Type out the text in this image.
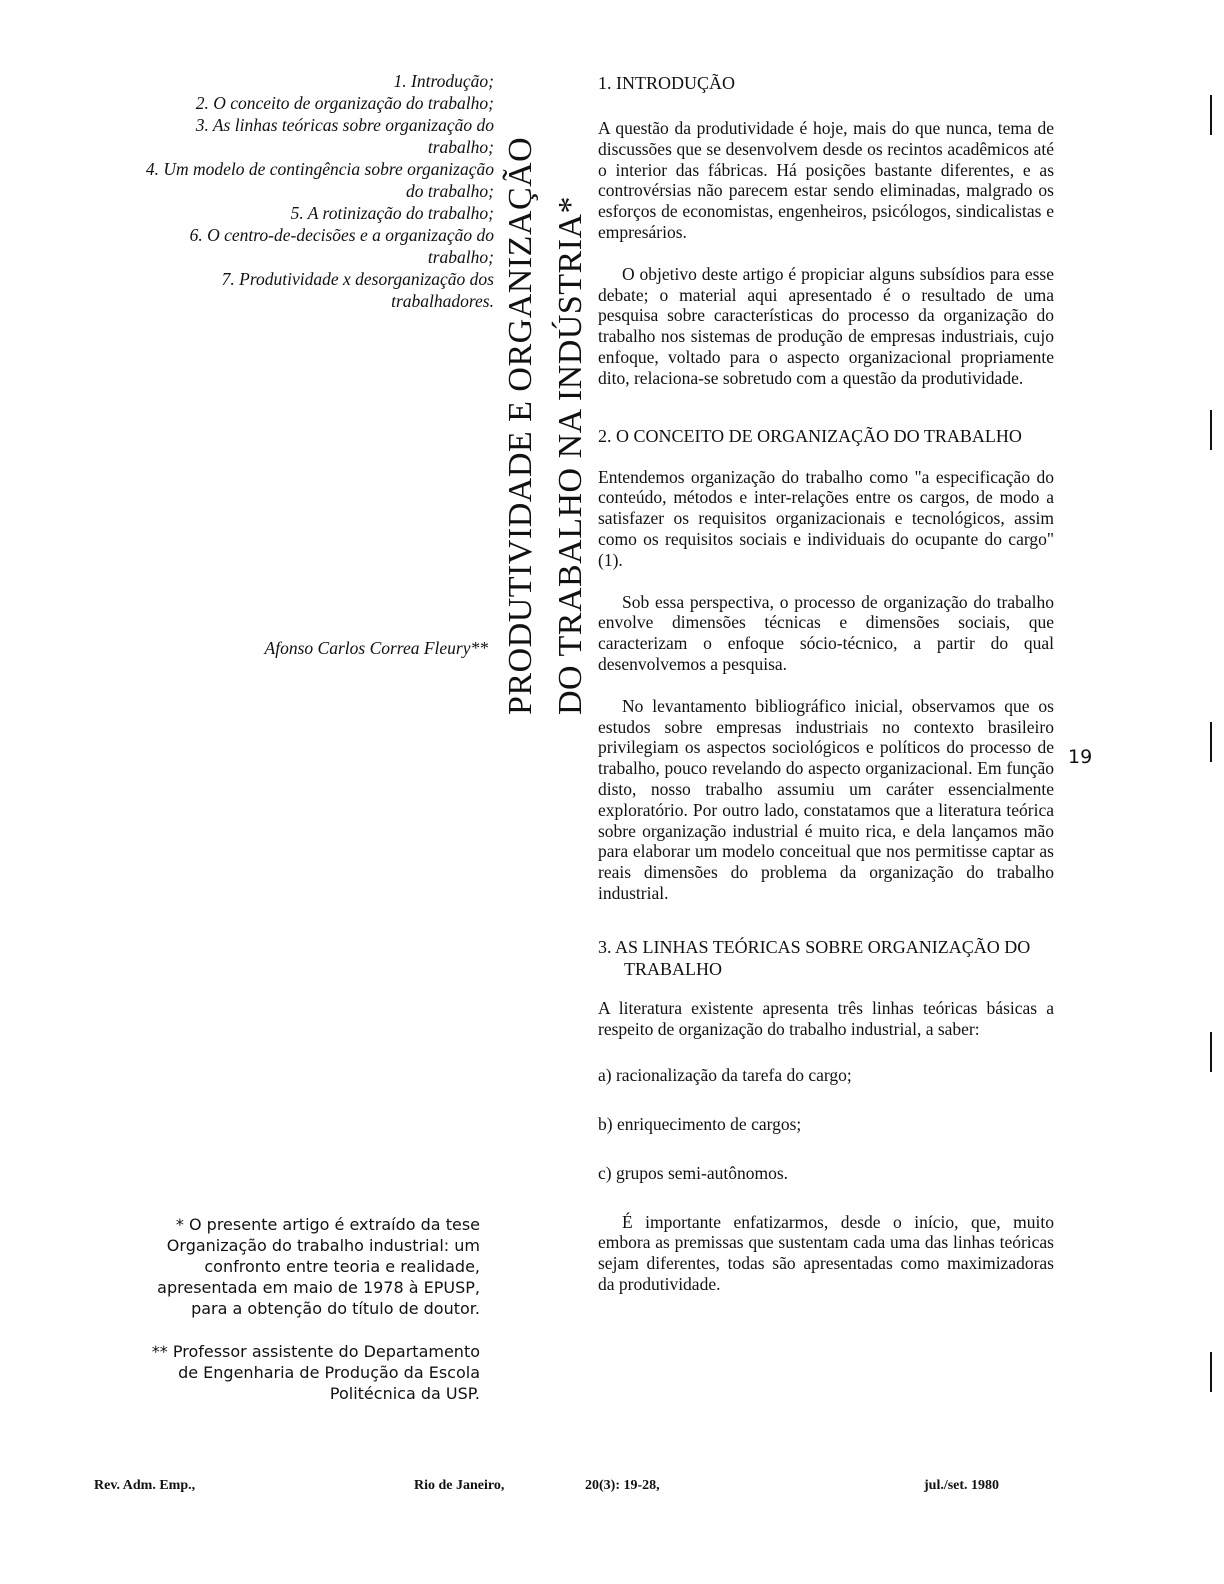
1. Introdução;
2. O conceito de organização do trabalho;
3. As linhas teóricas sobre organização do
trabalho;
4. Um modelo de contingência sobre organização
do trabalho;
5. A rotinização do trabalho;
6. O centro-de-decisões e a organização do
trabalho;
7. Produtividade x desorganização dos
trabalhadores.
Afonso Carlos Correa Fleury** PRODUTIVIDADE E ORGANIZAÇÃO DO TRABALHO NA INDÚSTRIA*

* O presente artigo é extraído da tese Organização do trabalho industrial: um confronto entre teoria e realidade, apresentada em maio de 1978 à EPUSP, para a obtenção do título de doutor.

** Professor assistente do Departamento de Engenharia de Produção da Escola Politécnica da USP.

1. INTRODUÇÃO

A questão da produtividade é hoje, mais do que nunca, tema de discussões que se desenvolvem desde os recintos acadêmicos até o interior das fábricas. Há posições bastante diferentes, e as controvérsias não parecem estar sendo eliminadas, malgrado os esforços de economistas, engenheiros, psicólogos, sindicalistas e empresários.

O objetivo deste artigo é propiciar alguns subsídios para esse debate; o material aqui apresentado é o resultado de uma pesquisa sobre características do processo da organização do trabalho nos sistemas de produção de empresas industriais, cujo enfoque, voltado para o aspecto organizacional propriamente dito, relaciona-se sobretudo com a questão da produtividade.

2. O CONCEITO DE ORGANIZAÇÃO DO TRABALHO

Entendemos organização do trabalho como "a especificação do conteúdo, métodos e inter-relações entre os cargos, de modo a satisfazer os requisitos organizacionais e tecnológicos, assim como os requisitos sociais e individuais do ocupante do cargo"(1).

Sob essa perspectiva, o processo de organização do trabalho envolve dimensões técnicas e dimensões sociais, que caracterizam o enfoque sócio-técnico, a partir do qual desenvolvemos a pesquisa.

No levantamento bibliográfico inicial, observamos que os estudos sobre empresas industriais no contexto brasileiro privilegiam os aspectos sociológicos e políticos do processo de trabalho, pouco revelando do aspecto organizacional. Em função disto, nosso trabalho assumiu um caráter essencialmente exploratório. Por outro lado, constatamos que a literatura teórica sobre organização industrial é muito rica, e dela lançamos mão para elaborar um modelo conceitual que nos permitisse captar as reais dimensões do problema da organização do trabalho industrial.

3. AS LINHAS TEÓRICAS SOBRE ORGANIZAÇÃO DO TRABALHO

A literatura existente apresenta três linhas teóricas básicas a respeito de organização do trabalho industrial, a saber:

a) racionalização da tarefa do cargo;

b) enriquecimento de cargos;

c) grupos semi-autônomos.

É importante enfatizarmos, desde o início, que, muito embora as premissas que sustentam cada uma das linhas teóricas sejam diferentes, todas são apresentadas como maximizadoras da produtividade.

19
Rev. Adm. Emp.,	Rio de Janeiro,	20(3): 19-28,	jul./set. 1980
